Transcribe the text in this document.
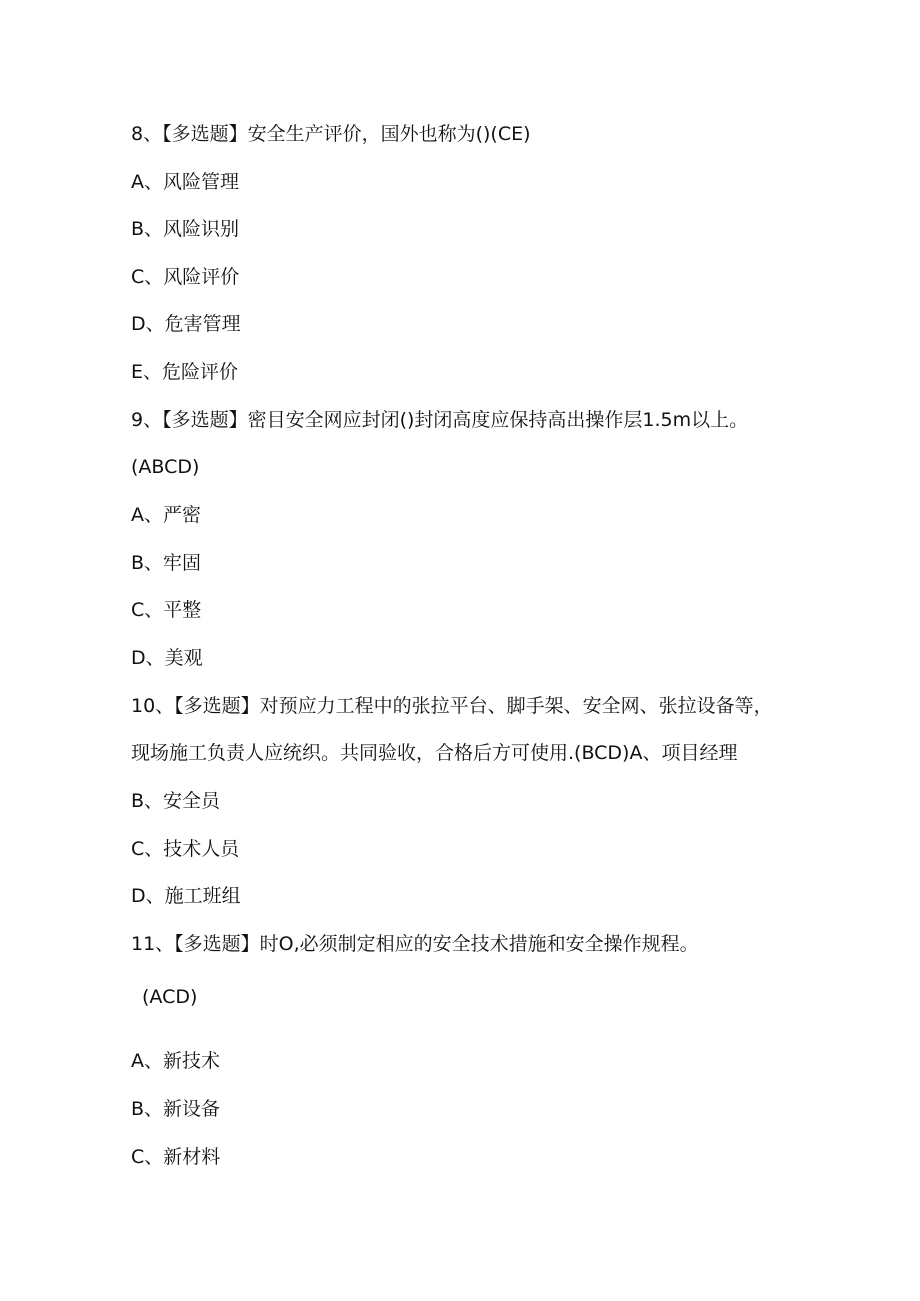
8、【多选题】安全生产评价，国外也称为()(CE)
A、风险管理
B、风险识别
C、风险评价
D、危害管理
E、危险评价
9、【多选题】密目安全网应封闭()封闭高度应保持高出操作层1.5m以上。
(ABCD)
A、严密
B、牢固
C、平整
D、美观
10、【多选题】对预应力工程中的张拉平台、脚手架、安全网、张拉设备等，
现场施工负责人应统织。共同验收，合格后方可使用.(BCD)A、项目经理
B、安全员
C、技术人员
D、施工班组
11、【多选题】时O,必须制定相应的安全技术措施和安全操作规程。
(ACD)
A、新技术
B、新设备
C、新材料
